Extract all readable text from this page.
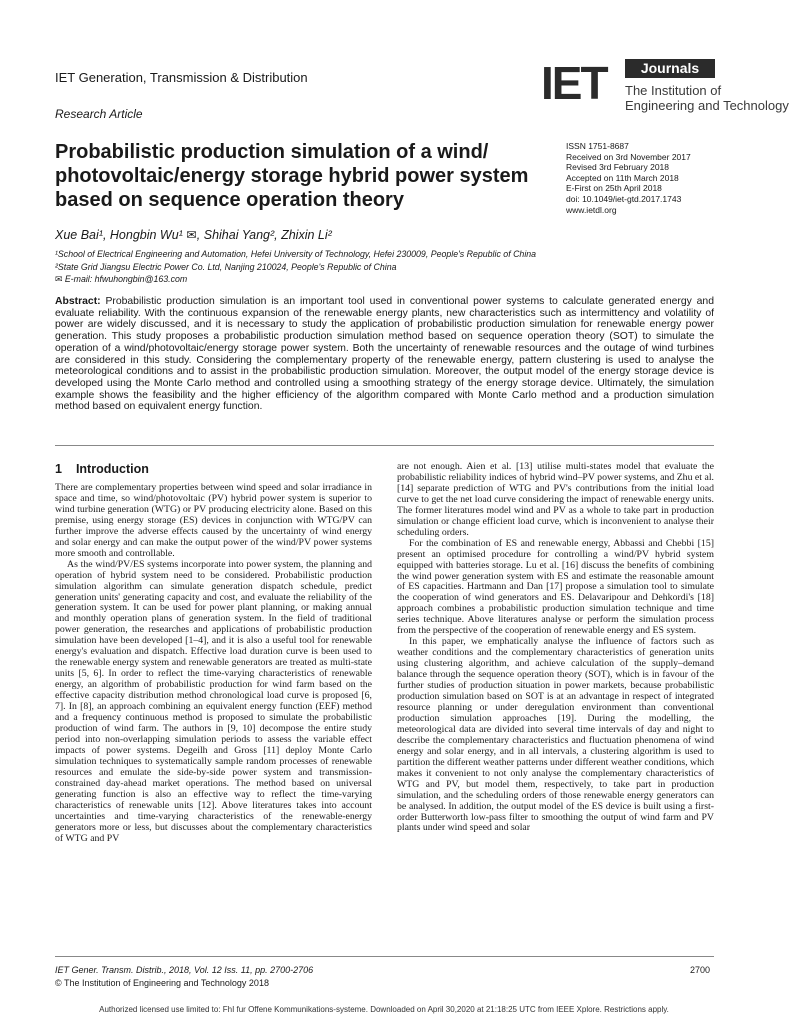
IET Generation, Transmission & Distribution
Research Article
IET	Journals
The Institution of
Engineering and Technology
Probabilistic production simulation of a wind/ photovoltaic/energy storage hybrid power system based on sequence operation theory
ISSN 1751-8687
Received on 3rd November 2017
Revised 3rd February 2018
Accepted on 11th March 2018
E-First on 25th April 2018
doi: 10.1049/iet-gtd.2017.1743
www.ietdl.org
Xue Bai¹, Hongbin Wu¹ ✉, Shihai Yang², Zhixin Li²
¹School of Electrical Engineering and Automation, Hefei University of Technology, Hefei 230009, People's Republic of China
²State Grid Jiangsu Electric Power Co. Ltd, Nanjing 210024, People's Republic of China
✉ E-mail: hfwuhongbin@163.com

Abstract: Probabilistic production simulation is an important tool used in conventional power systems to calculate generated energy and evaluate reliability. With the continuous expansion of the renewable energy plants, new characteristics such as intermittency and volatility of power are widely discussed, and it is necessary to study the application of probabilistic production simulation for renewable energy power generation. This study proposes a probabilistic production simulation method based on sequence operation theory (SOT) to simulate the operation of a wind/photovoltaic/energy storage power system. Both the uncertainty of renewable resources and the outage of wind turbines are considered in this study. Considering the complementary property of the renewable energy, pattern clustering is used to analyse the meteorological conditions and to assist in the probabilistic production simulation. Moreover, the output model of the energy storage device is developed using the Monte Carlo method and controlled using a smoothing strategy of the energy storage device. Ultimately, the simulation example shows the feasibility and the higher efficiency of the algorithm compared with Monte Carlo method and a production simulation method based on equivalent energy function.

1 Introduction

There are complementary properties between wind speed and solar irradiance in space and time, so wind/photovoltaic (PV) hybrid power system is superior to wind turbine generation (WTG) or PV producing electricity alone. Based on this premise, using energy storage (ES) devices in conjunction with WTG/PV can further improve the adverse effects caused by the uncertainty of wind energy and solar energy and can make the output power of the wind/PV power systems more smooth and controllable.

As the wind/PV/ES systems incorporate into power system, the planning and operation of hybrid system need to be considered. Probabilistic production simulation algorithm can simulate generation dispatch schedule, predict generation units' generating capacity and cost, and evaluate the reliability of the generation system. It can be used for power plant planning, or making annual and monthly operation plans of generation system. In the field of traditional power generation, the researches and applications of probabilistic production simulation have been developed [1–4], and it is also a useful tool for renewable energy's evaluation and dispatch. Effective load duration curve is been used to the renewable energy system and renewable generators are treated as multi-state units [5, 6]. In order to reflect the time-varying characteristics of renewable energy, an algorithm of probabilistic production for wind farm based on the effective capacity distribution method chronological load curve is proposed [6, 7]. In [8], an approach combining an equivalent energy function (EEF) method and a frequency continuous method is proposed to simulate the probabilistic production of wind farm. The authors in [9, 10] decompose the entire study period into non-overlapping simulation periods to assess the variable effect impacts of power systems. Degeilh and Gross [11] deploy Monte Carlo simulation techniques to systematically sample random processes of renewable resources and emulate the side-by-side power system and transmission-constrained day-ahead market operations. The method based on universal generating function is also an effective way to reflect the time-varying characteristics of renewable units [12]. Above literatures takes into account uncertainties and time-varying characteristics of the renewable-energy generators more or less, but discusses about the complementary characteristics of WTG and PV

are not enough. Aien et al. [13] utilise multi-states model that evaluate the probabilistic reliability indices of hybrid wind–PV power systems, and Zhu et al. [14] separate prediction of WTG and PV's contributions from the initial load curve to get the net load curve considering the impact of renewable energy units. The former literatures model wind and PV as a whole to take part in production simulation or change efficient load curve, which is inconvenient to analyse their scheduling orders.

For the combination of ES and renewable energy, Abbassi and Chebbi [15] present an optimised procedure for controlling a wind/PV hybrid system equipped with batteries storage. Lu et al. [16] discuss the benefits of combining the wind power generation system with ES and estimate the reasonable amount of ES capacities. Hartmann and Dan [17] propose a simulation tool to simulate the cooperation of wind generators and ES. Delavaripour and Dehkordi's [18] approach combines a probabilistic production simulation technique and time series technique. Above literatures analyse or perform the simulation process from the perspective of the cooperation of renewable energy and ES system.

In this paper, we emphatically analyse the influence of factors such as weather conditions and the complementary characteristics of generation units using clustering algorithm, and achieve calculation of the supply–demand balance through the sequence operation theory (SOT), which is in favour of the further studies of production situation in power markets, because probabilistic production simulation based on SOT is at an advantage in respect of integrated resource planning or under deregulation environment than conventional production simulation approaches [19]. During the modelling, the meteorological data are divided into several time intervals of day and night to describe the complementary characteristics and fluctuation phenomena of wind energy and solar energy, and in all intervals, a clustering algorithm is used to partition the different weather patterns under different weather conditions, which makes it convenient to not only analyse the complementary characteristics of WTG and PV, but model them, respectively, to take part in production simulation, and the scheduling orders of those renewable energy generators can be analysed. In addition, the output model of the ES device is built using a first-order Butterworth low-pass filter to smoothing the output of wind farm and PV plants under wind speed and solar

IET Gener. Transm. Distrib., 2018, Vol. 12 Iss. 11, pp. 2700-2706
© The Institution of Engineering and Technology 2018
2700
Authorized licensed use limited to: FhI fur Offene Kommunikations-systeme. Downloaded on April 30,2020 at 21:18:25 UTC from IEEE Xplore. Restrictions apply.
